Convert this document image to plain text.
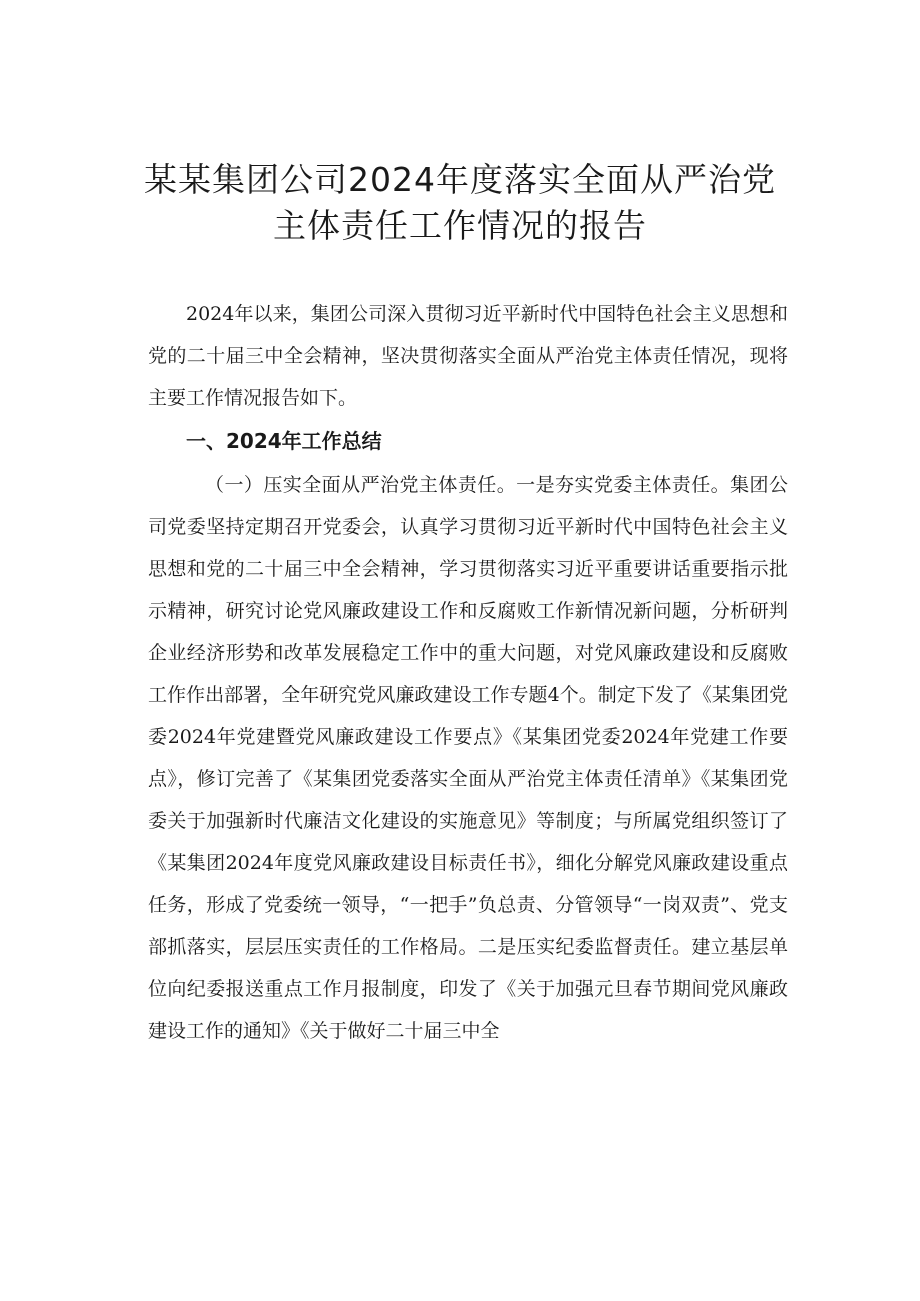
某某集团公司2024年度落实全面从严治党
主体责任工作情况的报告

2024年以来，集团公司深入贯彻习近平新时代中国特色社会主义思想和党的二十届三中全会精神，坚决贯彻落实全面从严治党主体责任情况，现将主要工作情况报告如下。

一、2024年工作总结

（一）压实全面从严治党主体责任。一是夯实党委主体责任。集团公司党委坚持定期召开党委会，认真学习贯彻习近平新时代中国特色社会主义思想和党的二十届三中全会精神，学习贯彻落实习近平重要讲话重要指示批示精神，研究讨论党风廉政建设工作和反腐败工作新情况新问题，分析研判企业经济形势和改革发展稳定工作中的重大问题，对党风廉政建设和反腐败工作作出部署，全年研究党风廉政建设工作专题4个。制定下发了《某集团党委2024年党建暨党风廉政建设工作要点》《某集团党委2024年党建工作要点》，修订完善了《某集团党委落实全面从严治党主体责任清单》《某集团党委关于加强新时代廉洁文化建设的实施意见》等制度；与所属党组织签订了《某集团2024年度党风廉政建设目标责任书》，细化分解党风廉政建设重点任务，形成了党委统一领导，“一把手”负总责、分管领导“一岗双责”、党支部抓落实，层层压实责任的工作格局。二是压实纪委监督责任。建立基层单位向纪委报送重点工作月报制度，印发了《关于加强元旦春节期间党风廉政建设工作的通知》《关于做好二十届三中全
